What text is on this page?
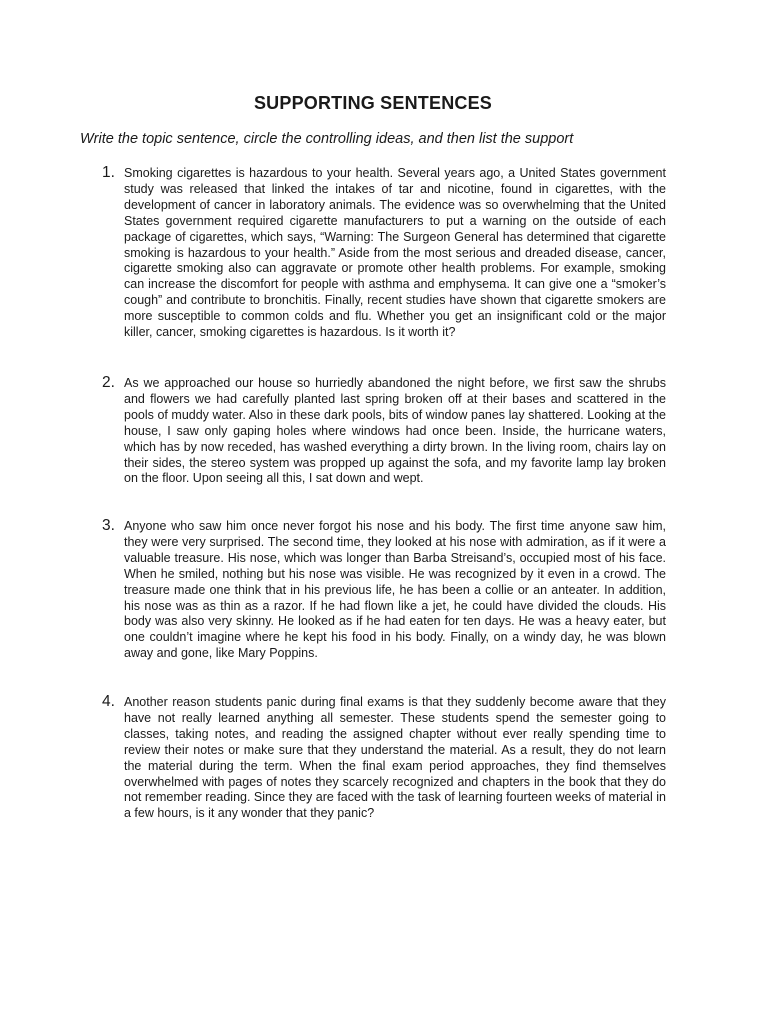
SUPPORTING SENTENCES

Write the topic sentence, circle the controlling ideas, and then list the support

1. Smoking cigarettes is hazardous to your health. Several years ago, a United States government study was released that linked the intakes of tar and nicotine, found in cigarettes, with the development of cancer in laboratory animals. The evidence was so overwhelming that the United States government required cigarette manufacturers to put a warning on the outside of each package of cigarettes, which says, “Warning: The Surgeon General has determined that cigarette smoking is hazardous to your health.” Aside from the most serious and dreaded disease, cancer, cigarette smoking also can aggravate or promote other health problems. For example, smoking can increase the discomfort for people with asthma and emphysema. It can give one a “smoker’s cough” and contribute to bronchitis. Finally, recent studies have shown that cigarette smokers are more susceptible to common colds and flu. Whether you get an insignificant cold or the major killer, cancer, smoking cigarettes is hazardous. Is it worth it?

2. As we approached our house so hurriedly abandoned the night before, we first saw the shrubs and flowers we had carefully planted last spring broken off at their bases and scattered in the pools of muddy water. Also in these dark pools, bits of window panes lay shattered. Looking at the house, I saw only gaping holes where windows had once been. Inside, the hurricane waters, which has by now receded, has washed everything a dirty brown. In the living room, chairs lay on their sides, the stereo system was propped up against the sofa, and my favorite lamp lay broken on the floor. Upon seeing all this, I sat down and wept.

3. Anyone who saw him once never forgot his nose and his body. The first time anyone saw him, they were very surprised. The second time, they looked at his nose with admiration, as if it were a valuable treasure. His nose, which was longer than Barba Streisand’s, occupied most of his face. When he smiled, nothing but his nose was visible. He was recognized by it even in a crowd. The treasure made one think that in his previous life, he has been a collie or an anteater. In addition, his nose was as thin as a razor. If he had flown like a jet, he could have divided the clouds. His body was also very skinny. He looked as if he had eaten for ten days. He was a heavy eater, but one couldn’t imagine where he kept his food in his body. Finally, on a windy day, he was blown away and gone, like Mary Poppins.

4. Another reason students panic during final exams is that they suddenly become aware that they have not really learned anything all semester. These students spend the semester going to classes, taking notes, and reading the assigned chapter without ever really spending time to review their notes or make sure that they understand the material. As a result, they do not learn the material during the term. When the final exam period approaches, they find themselves overwhelmed with pages of notes they scarcely recognized and chapters in the book that they do not remember reading. Since they are faced with the task of learning fourteen weeks of material in a few hours, is it any wonder that they panic?
